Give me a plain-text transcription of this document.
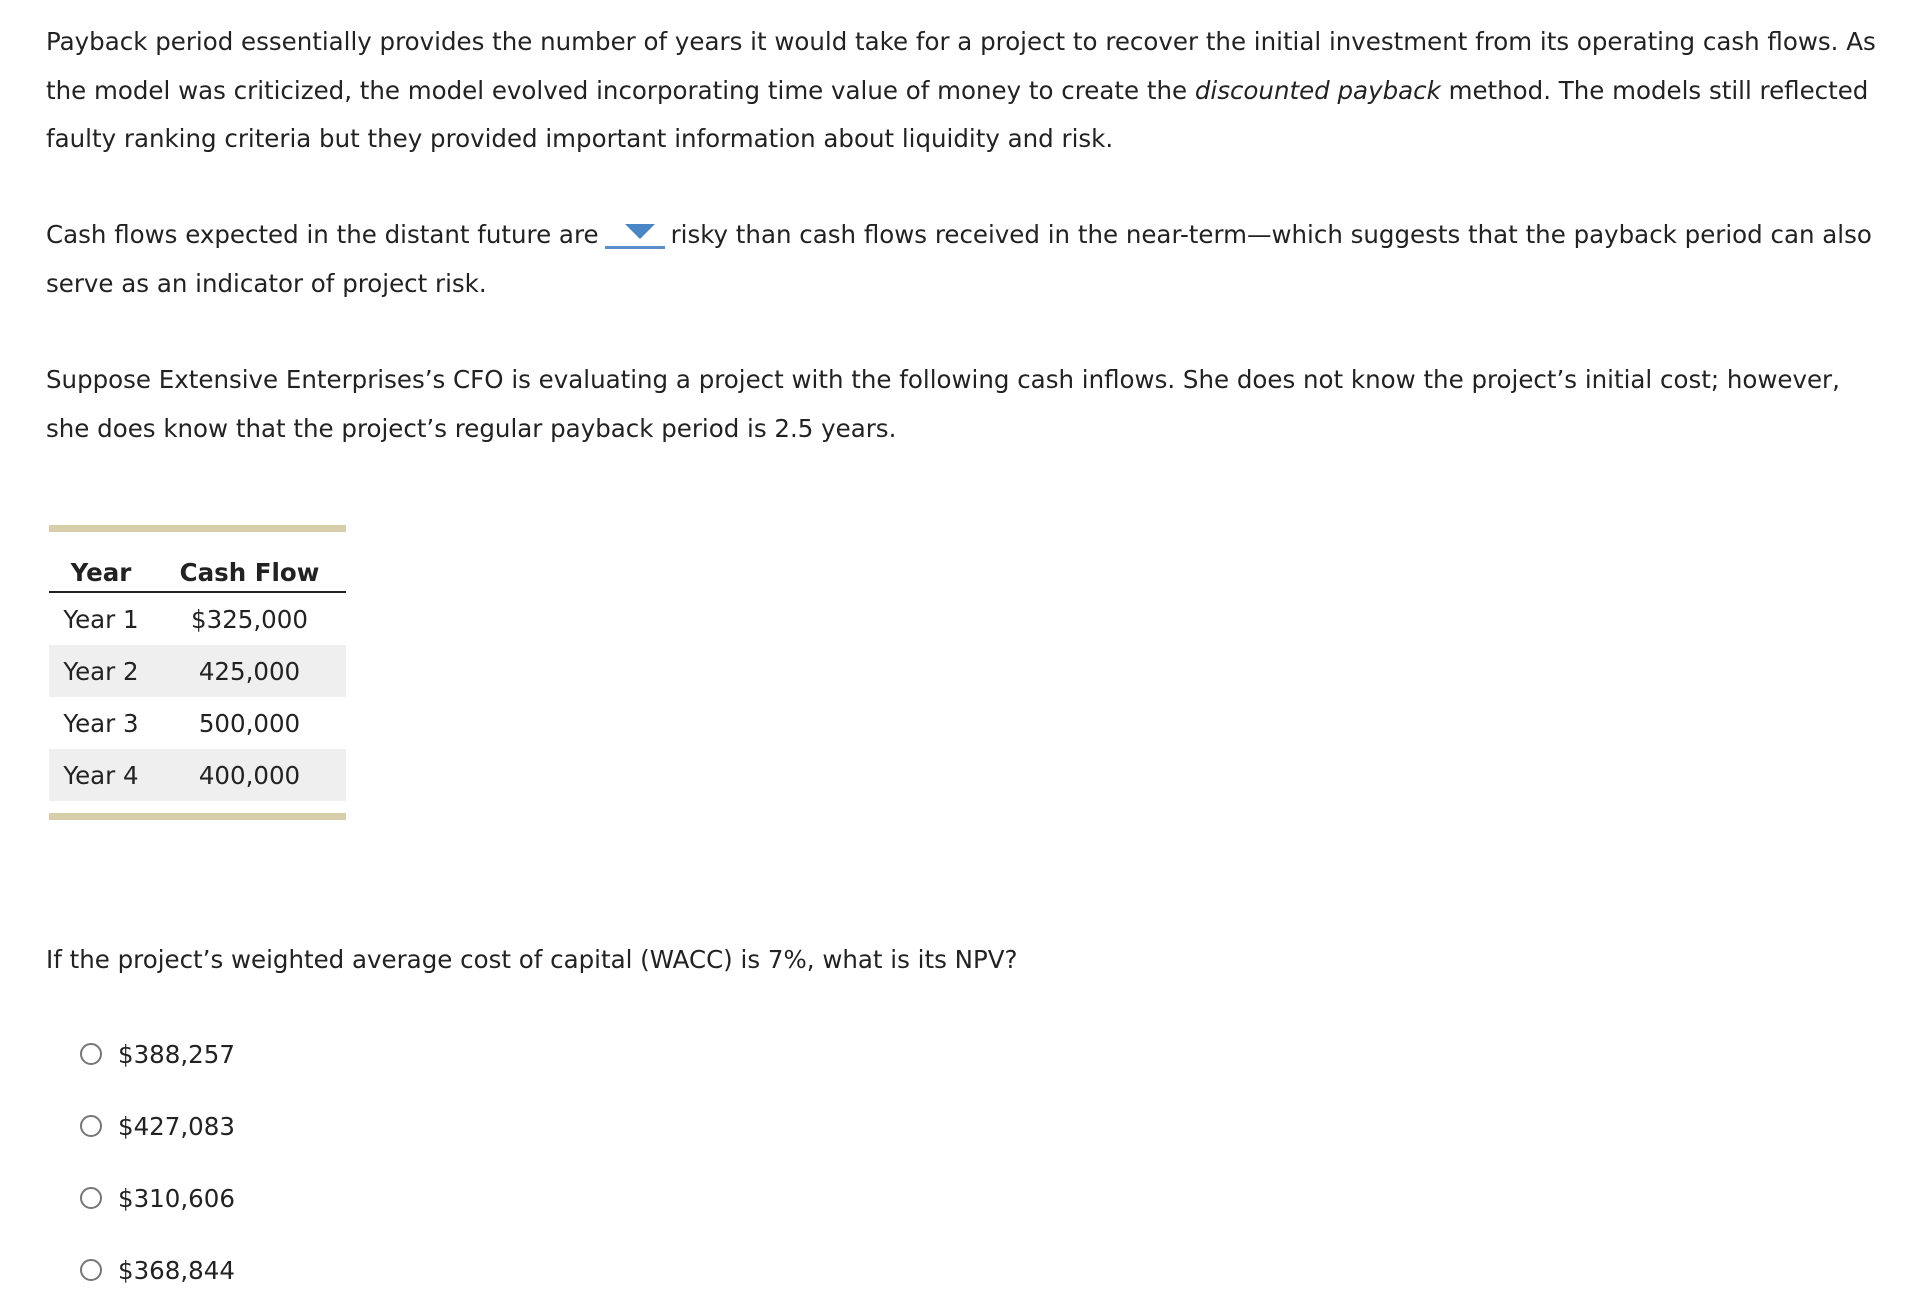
Payback period essentially provides the number of years it would take for a project to recover the initial investment from its operating cash flows. As the model was criticized, the model evolved incorporating time value of money to create the discounted payback method. The models still reflected faulty ranking criteria but they provided important information about liquidity and risk.

Cash flows expected in the distant future are	risky than cash flows received in the near-term—which suggests that the payback period can also serve as an indicator of project risk.

Suppose Extensive Enterprises’s CFO is evaluating a project with the following cash inflows. She does not know the project’s initial cost; however, she does know that the project’s regular payback period is 2.5 years.

Year	Cash Flow
Year 1	$325,000
Year 2	425,000
Year 3	500,000
Year 4	400,000

If the project’s weighted average cost of capital (WACC) is 7%, what is its NPV?

$388,257
$427,083
$310,606
$368,844
